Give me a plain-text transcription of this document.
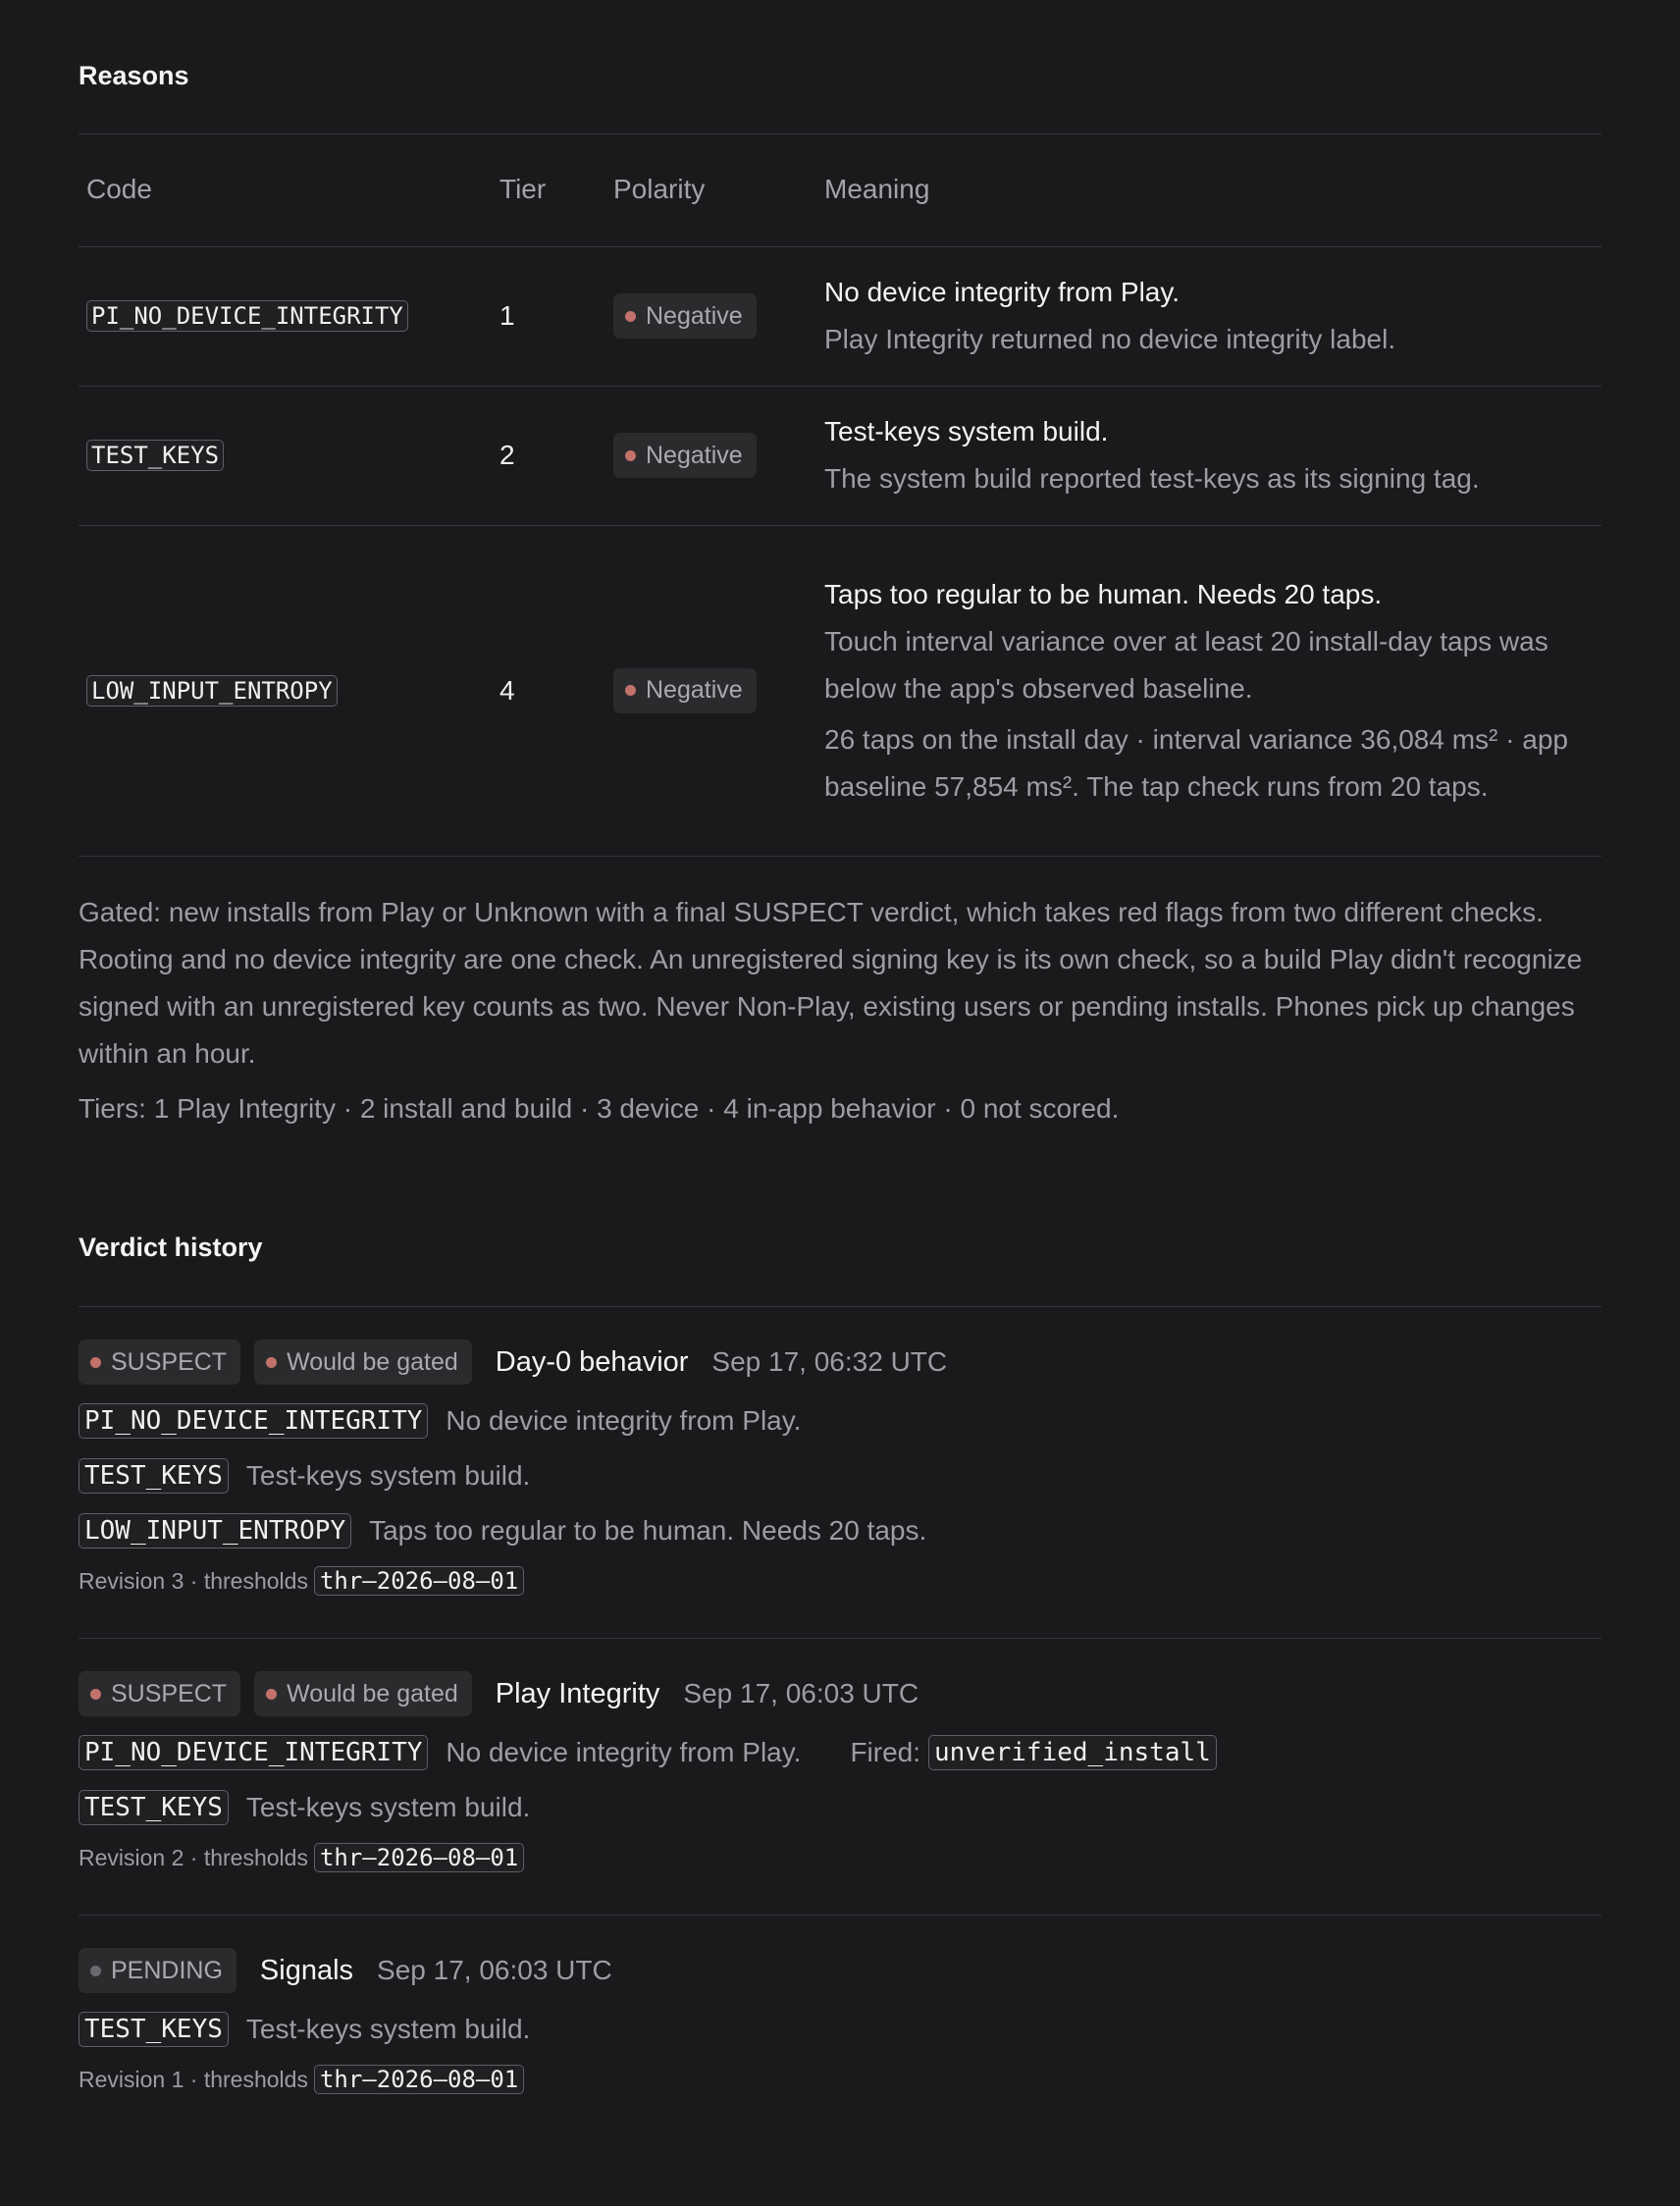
Reasons
Code	Tier	Polarity	Meaning
PI_NO_DEVICE_INTEGRITY	1	Negative	No device integrity from Play.
Play Integrity returned no device integrity label.

TEST_KEYS	2	Negative	Test-keys system build.
The system build reported test-keys as its signing tag.

LOW_INPUT_ENTROPY	4	Negative	Taps too regular to be human. Needs 20 taps.
Touch interval variance over at least 20 install-day taps was below the app's observed baseline.
26 taps on the install day · interval variance 36,084 ms² · app baseline 57,854 ms². The tap check runs from 20 taps.
Gated: new installs from Play or Unknown with a final SUSPECT verdict, which takes red flags from two different checks. Rooting and no device integrity are one check. An unregistered signing key is its own check, so a build Play didn't recognize signed with an unregistered key counts as two. Never Non-Play, existing users or pending installs. Phones pick up changes within an hour.
Tiers: 1 Play Integrity · 2 install and build · 3 device · 4 in-app behavior · 0 not scored.
Verdict history
SUSPECT Would be gated Day-0 behavior Sep 17, 06:32 UTC
PI_NO_DEVICE_INTEGRITY No device integrity from Play.
TEST_KEYS Test-keys system build.
LOW_INPUT_ENTROPY Taps too regular to be human. Needs 20 taps.
Revision 3 · thresholds thr–2026–08–01
SUSPECT Would be gated Play Integrity Sep 17, 06:03 UTC
PI_NO_DEVICE_INTEGRITY No device integrity from Play. Fired: unverified_install
TEST_KEYS Test-keys system build.
Revision 2 · thresholds thr–2026–08–01
PENDING Signals Sep 17, 06:03 UTC
TEST_KEYS Test-keys system build.
Revision 1 · thresholds thr–2026–08–01
